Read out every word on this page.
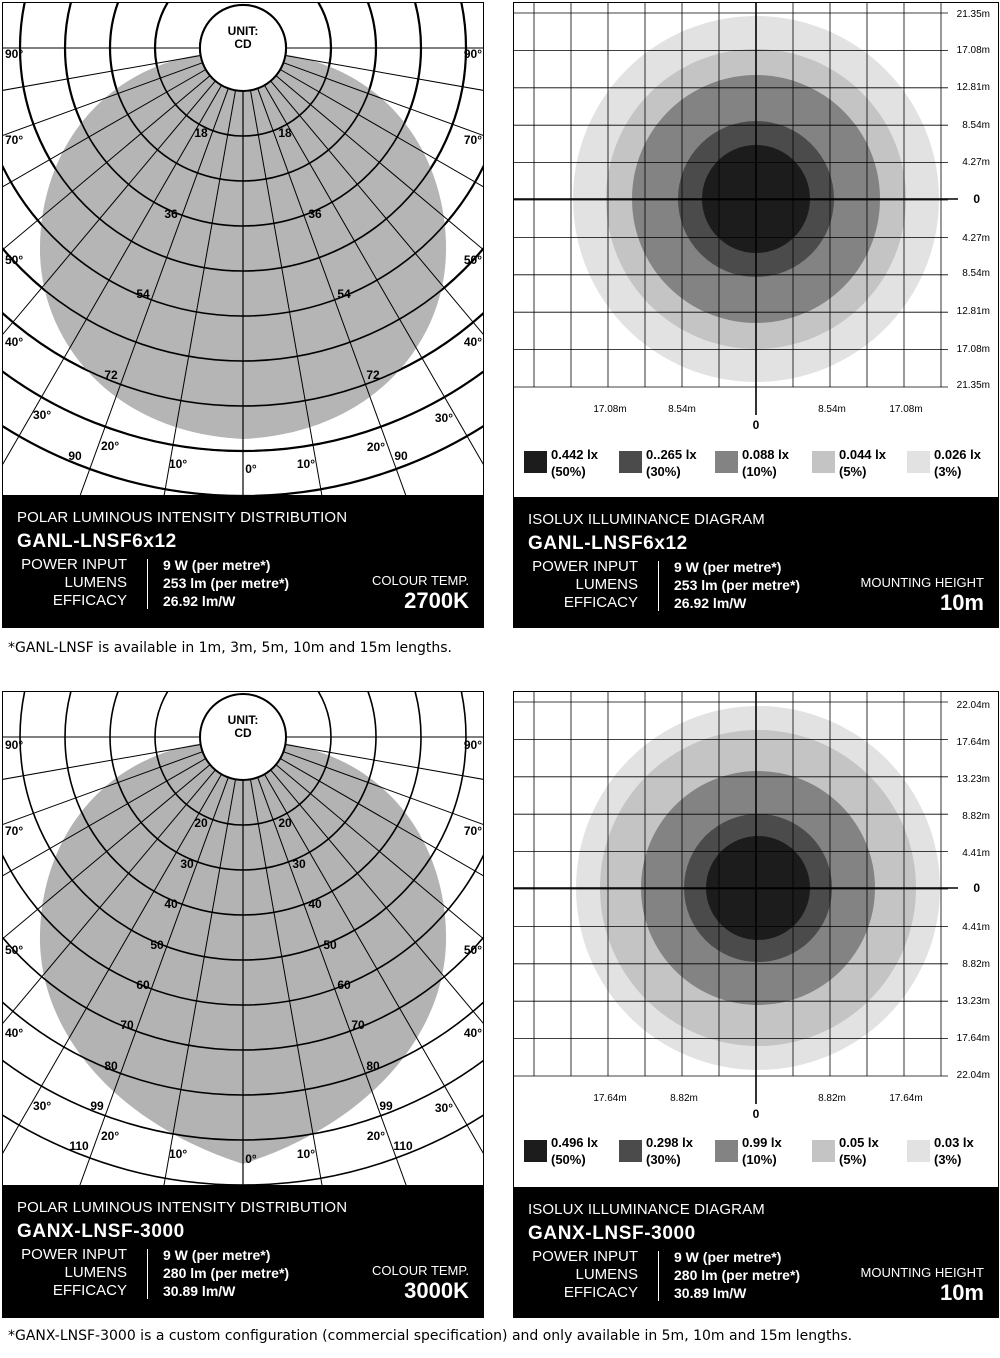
UNIT:
CD
18	18
36	36
54	54
72	72
90	90
90°
70°
50°
40°
30°
20°
10°
90°
70°
50°
40°
30°
20°
10°
0°
POLAR LUMINOUS INTENSITY DISTRIBUTION
GANL-LNSF6x12
POWER INPUT
LUMENS
EFFICACY
9 W (per metre*)
253 lm (per metre*)
26.92 lm/W
COLOUR TEMP.
2700K
21.35m
17.08m
12.81m
8.54m
4.27m
0
4.27m
8.54m
12.81m
17.08m
21.35m
17.08m	8.54m
0
8.54m	17.08m
0.442 lx
(50%)
0..265 lx
(30%)
0.088 lx
(10%)
0.044 lx
(5%)
0.026 lx
(3%)
ISOLUX ILLUMINANCE DIAGRAM
GANL-LNSF6x12
POWER INPUT
LUMENS
EFFICACY
9 W (per metre*)
253 lm (per metre*)
26.92 lm/W
MOUNTING HEIGHT
10m
*GANL-LNSF is available in 1m, 3m, 5m, 10m and 15m lengths.
UNIT:
CD
20	20
30	30
40	40
50	50
60	60
70	70
80	80
99	99
110	110
90°
70°
50°
40°
30°
20°
10°
90°
70°
50°
40°
30°
20°
10°
0°
POLAR LUMINOUS INTENSITY DISTRIBUTION
GANX-LNSF-3000
POWER INPUT
LUMENS
EFFICACY
9 W (per metre*)
280 lm (per metre*)
30.89 lm/W
COLOUR TEMP.
3000K
22.04m
17.64m
13.23m
8.82m
4.41m
0
4.41m
8.82m
13.23m
17.64m
22.04m
17.64m	8.82m
0
8.82m	17.64m
0.496 lx
(50%)
0.298 lx
(30%)
0.99 lx
(10%)
0.05 lx
(5%)
0.03 lx
(3%)
ISOLUX ILLUMINANCE DIAGRAM
GANX-LNSF-3000
POWER INPUT
LUMENS
EFFICACY
9 W (per metre*)
280 lm (per metre*)
30.89 lm/W
MOUNTING HEIGHT
10m
*GANX-LNSF-3000 is a custom configuration (commercial specification) and only available in 5m, 10m and 15m lengths.
